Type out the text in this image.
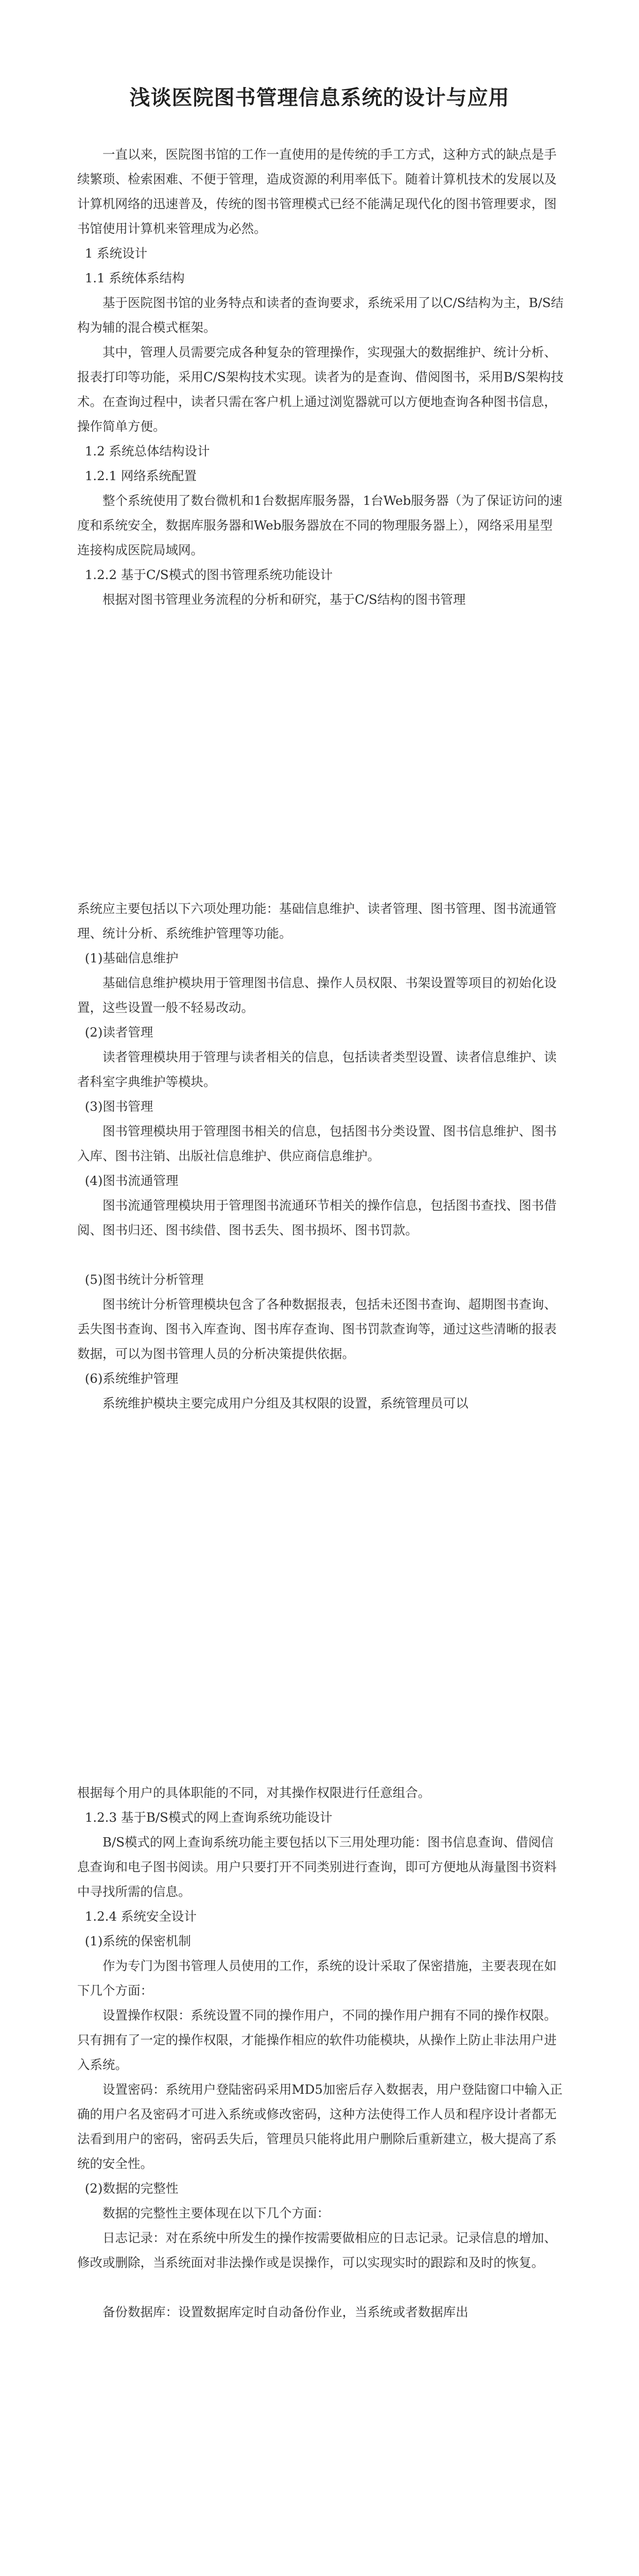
浅谈医院图书管理信息系统的设计与应用
一直以来，医院图书馆的工作一直使用的是传统的手工方式，这种方式的缺点是手续繁琐、检索困难、不便于管理，造成资源的利用率低下。随着计算机技术的发展以及计算机网络的迅速普及，传统的图书管理模式已经不能满足现代化的图书管理要求，图书馆使用计算机来管理成为必然。
1 系统设计
1.1 系统体系结构
基于医院图书馆的业务特点和读者的查询要求，系统采用了以C/S结构为主，B/S结构为辅的混合模式框架。
其中，管理人员需要完成各种复杂的管理操作，实现强大的数据维护、统计分析、报表打印等功能，采用C/S架构技术实现。读者为的是查询、借阅图书，采用B/S架构技术。在查询过程中，读者只需在客户机上通过浏览器就可以方便地查询各种图书信息，操作简单方便。
1.2 系统总体结构设计
1.2.1 网络系统配置
整个系统使用了数台微机和1台数据库服务器，1台Web服务器（为了保证访问的速度和系统安全，数据库服务器和Web服务器放在不同的物理服务器上），网络采用星型连接构成医院局域网。
1.2.2 基于C/S模式的图书管理系统功能设计
根据对图书管理业务流程的分析和研究，基于C/S结构的图书管理
系统应主要包括以下六项处理功能：基础信息维护、读者管理、图书管理、图书流通管理、统计分析、系统维护管理等功能。
(1)基础信息维护
基础信息维护模块用于管理图书信息、操作人员权限、书架设置等项目的初始化设置，这些设置一般不轻易改动。
(2)读者管理
读者管理模块用于管理与读者相关的信息，包括读者类型设置、读者信息维护、读者科室字典维护等模块。
(3)图书管理
图书管理模块用于管理图书相关的信息，包括图书分类设置、图书信息维护、图书入库、图书注销、出版社信息维护、供应商信息维护。
(4)图书流通管理
图书流通管理模块用于管理图书流通环节相关的操作信息，包括图书查找、图书借阅、图书归还、图书续借、图书丢失、图书损坏、图书罚款。
(5)图书统计分析管理
图书统计分析管理模块包含了各种数据报表，包括未还图书查询、超期图书查询、丢失图书查询、图书入库查询、图书库存查询、图书罚款查询等，通过这些清晰的报表数据，可以为图书管理人员的分析决策提供依据。
(6)系统维护管理
系统维护模块主要完成用户分组及其权限的设置，系统管理员可以
根据每个用户的具体职能的不同，对其操作权限进行任意组合。
1.2.3 基于B/S模式的网上查询系统功能设计
B/S模式的网上查询系统功能主要包括以下三用处理功能：图书信息查询、借阅信息查询和电子图书阅读。用户只要打开不同类别进行查询，即可方便地从海量图书资料中寻找所需的信息。
1.2.4 系统安全设计
(1)系统的保密机制
作为专门为图书管理人员使用的工作，系统的设计采取了保密措施，主要表现在如下几个方面：
设置操作权限：系统设置不同的操作用户，不同的操作用户拥有不同的操作权限。只有拥有了一定的操作权限，才能操作相应的软件功能模块，从操作上防止非法用户进入系统。
设置密码：系统用户登陆密码采用MD5加密后存入数据表，用户登陆窗口中输入正确的用户名及密码才可进入系统或修改密码，这种方法使得工作人员和程序设计者都无法看到用户的密码，密码丢失后，管理员只能将此用户删除后重新建立，极大提高了系统的安全性。
(2)数据的完整性
数据的完整性主要体现在以下几个方面：
日志记录：对在系统中所发生的操作按需要做相应的日志记录。记录信息的增加、修改或删除，当系统面对非法操作或是误操作，可以实现实时的跟踪和及时的恢复。
备份数据库：设置数据库定时自动备份作业，当系统或者数据库出
